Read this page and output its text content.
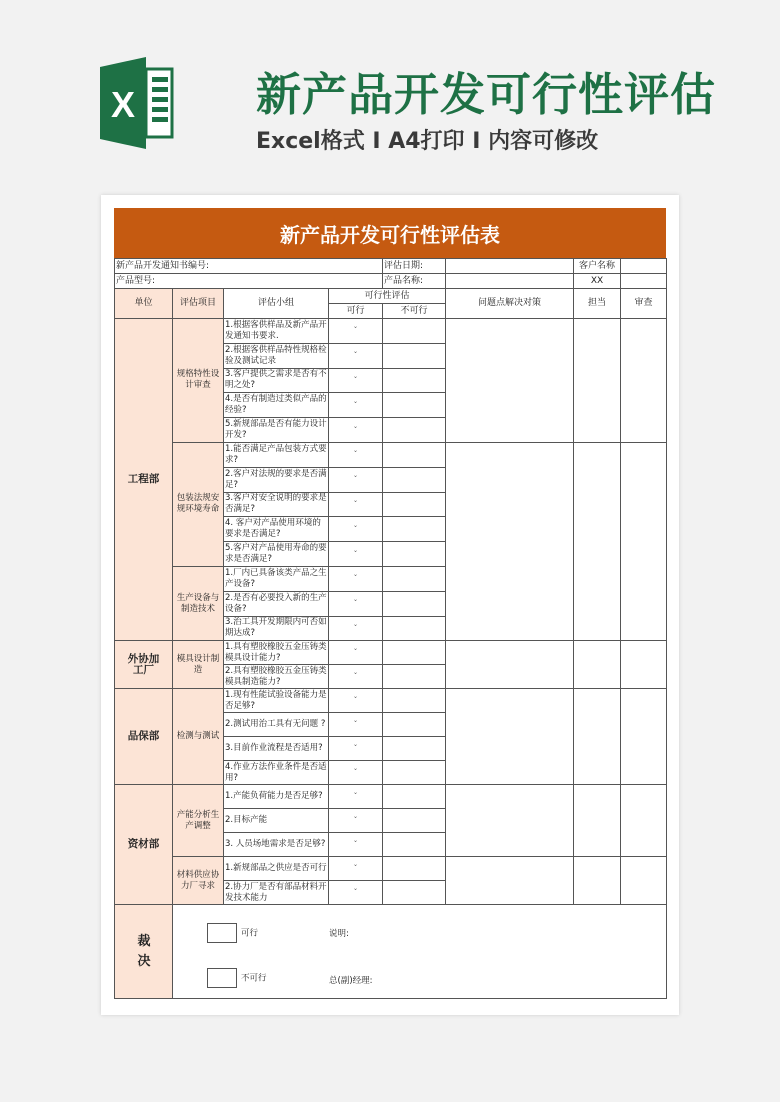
X	新产品开发可行性评估
Excel格式 I A4打印 I 内容可修改
新产品开发可行性评估表
新产品开发通知书编号:				评估日期:		客户名称	
产品型号:				产品名称:		XX	
单位	评估项目	评估小组	可行性评估		问题点解决对策	担当	审查
			可行	不可行			
工程部	规格特性设计审查	1.根据客供样品及新产品开发通知书要求.	ˇ				
		2.根据客供样品特性规格检验及测试记录	ˇ				
		3.客户提供之需求是否有不明之处?	ˇ				
		4.是否有制造过类似产品的经验?	ˇ				
		5.新规部品是否有能力设计开发?	ˇ				
	包装法规安规环境寿命	1.能否满足产品包装方式要求?	ˇ				
		2.客户对法规的要求是否满足?	ˇ				
		3.客户对安全说明的要求是否满足?	ˇ				
		4. 客户对产品使用环境的要求是否满足?	ˇ				
		5.客户对产品使用寿命的要求是否满足?	ˇ				
	生产设备与制造技术	1.厂内已具备该类产品之生产设备?	ˇ				
		2.是否有必要投入新的生产设备?	ˇ				
		3.治工具开发期限内可否如期达成?	ˇ				
外协加工厂	模具设计制造	1.具有塑胶橡胶五金压铸类模具设计能力?	ˇ				
		2.具有塑胶橡胶五金压铸类模具制造能力?	ˇ				
品保部	检测与测试	1.现有性能试验设备能力是否足够?	ˇ				
		2.测试用治工具有无问题 ?	ˇ				
		3.目前作业流程是否适用?	ˇ				
		4.作业方法作业条件是否适用?	ˇ				
资材部	产能分析生产调整	1.产能负荷能力是否足够?	ˇ				
		2.目标产能	ˇ				
		3. 人员场地需求是否足够?	ˇ				
	材料供应协力厂寻求	1.新规部品之供应是否可行	ˇ				
		2.协力厂是否有部品材料开发技术能力	ˇ				
裁决	可行 说明:
不可行 总(副)经理:						
